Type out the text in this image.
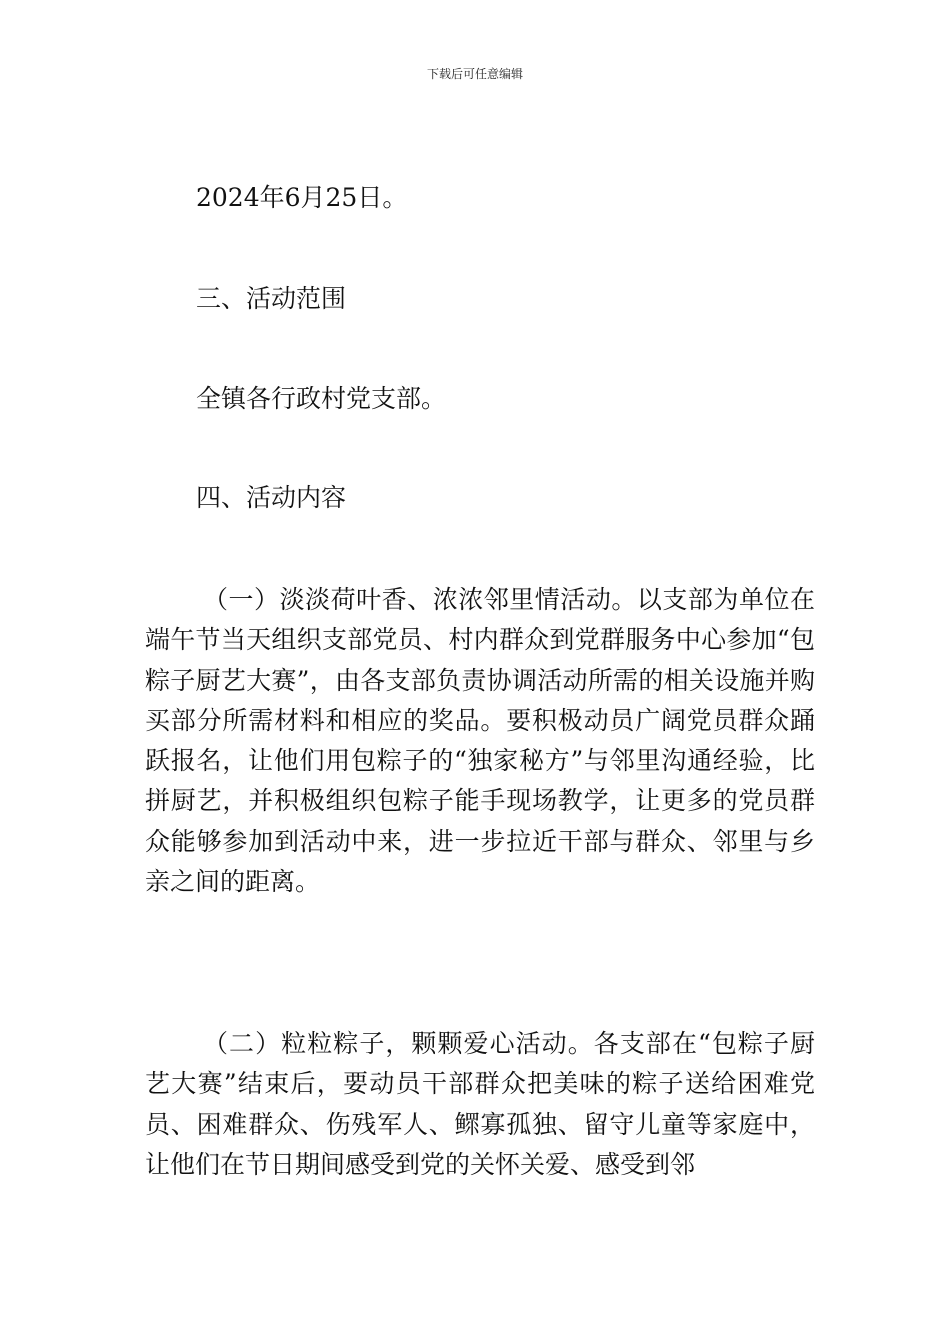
下载后可任意编辑
2024年6月25日。
三、活动范围
全镇各行政村党支部。
四、活动内容
（一）淡淡荷叶香、浓浓邻里情活动。以支部为单位在端午节当天组织支部党员、村内群众到党群服务中心参加“包粽子厨艺大赛”，由各支部负责协调活动所需的相关设施并购买部分所需材料和相应的奖品。要积极动员广阔党员群众踊跃报名，让他们用包粽子的“独家秘方”与邻里沟通经验，比拼厨艺，并积极组织包粽子能手现场教学，让更多的党员群众能够参加到活动中来，进一步拉近干部与群众、邻里与乡亲之间的距离。
（二）粒粒粽子，颗颗爱心活动。各支部在“包粽子厨艺大赛”结束后，要动员干部群众把美味的粽子送给困难党员、困难群众、伤残军人、鳏寡孤独、留守儿童等家庭中，让他们在节日期间感受到党的关怀关爱、感受到邻
